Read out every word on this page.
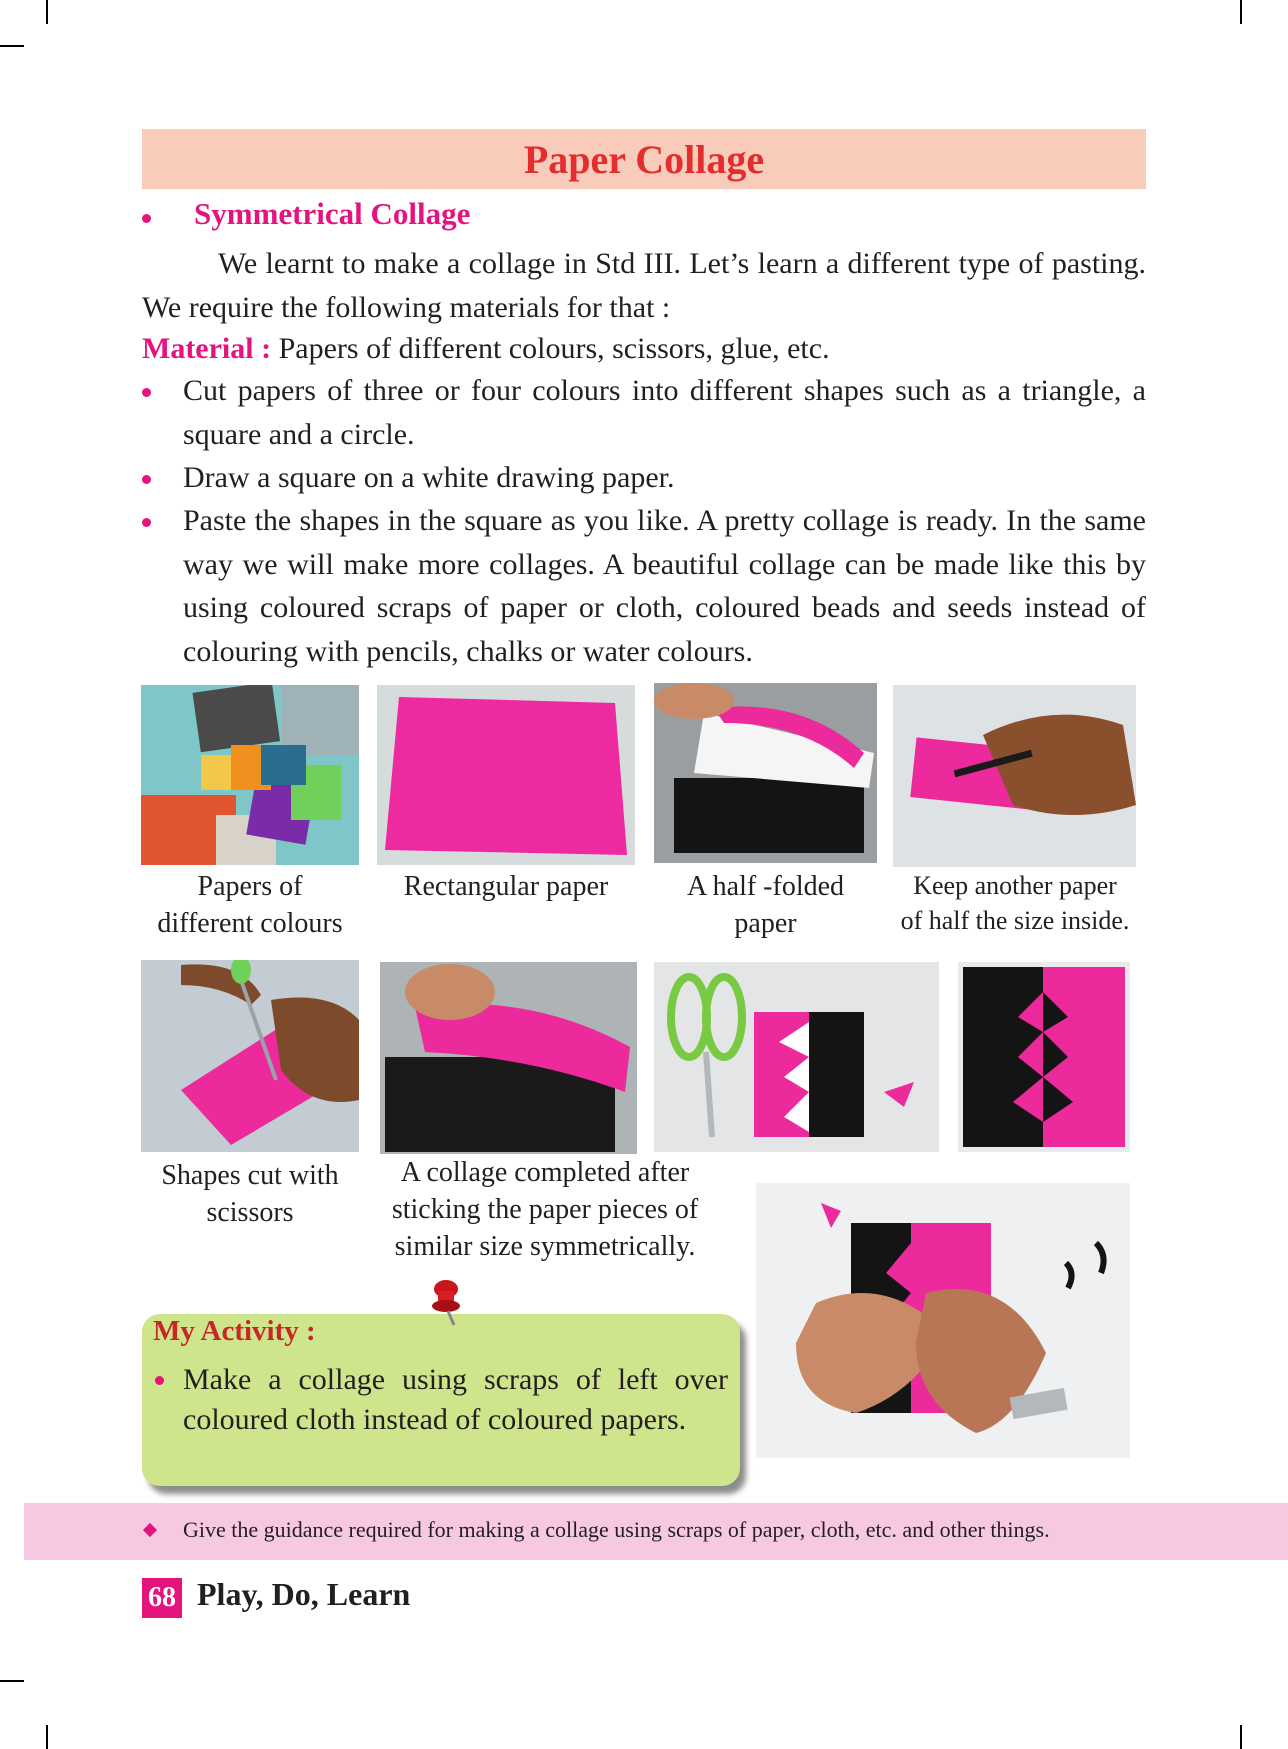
Paper Collage
Symmetrical Collage
We learnt to make a collage in Std III. Let’s learn a different type of pasting. We require the following materials for that :
Material : Papers of different colours, scissors, glue, etc.
Cut papers of three or four colours into different shapes such as a triangle, a square and a circle.
Draw a square on a white drawing paper.
Paste the shapes in the square as you like. A pretty collage is ready. In the same way we will make more collages. A beautiful collage can be made like this by using coloured scraps of paper or cloth, coloured beads and seeds instead of colouring with pencils, chalks or water colours.
Papers of
different colours
Rectangular paper	A half -folded
paper
Keep another paper
of half the size inside.
Shapes cut with
scissors
A collage completed after
sticking the paper pieces of
similar size symmetrically.
My Activity :
Make a collage using scraps of left over coloured cloth instead of coloured papers.
Give the guidance required for making a collage using scraps of paper, cloth, etc. and other things.
68 Play, Do, Learn
